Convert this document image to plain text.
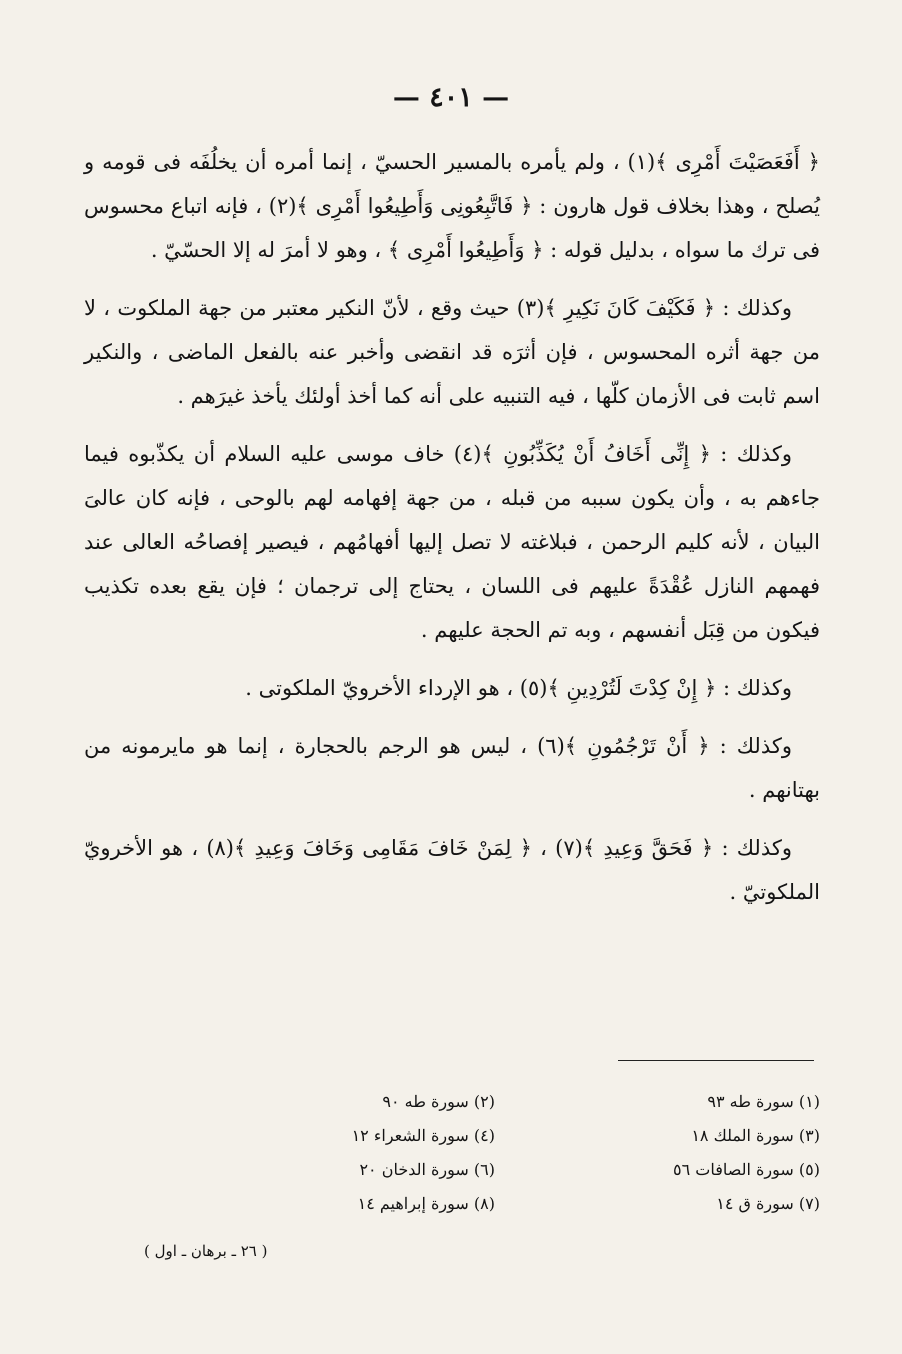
— ٤٠١ —

﴿ أَفَعَصَيْتَ أَمْرِى ﴾(١) ، ولم يأمره بالمسير الحسيّ ، إنما أمره أن يخلُفَه فى قومه و يُصلح ، وهذا بخلاف قول هارون : ﴿ فَاتَّبِعُونِى وَأَطِيعُوا أَمْرِى ﴾(٢) ، فإنه اتباع محسوس فى ترك ما سواه ، بدليل قوله : ﴿ وَأَطِيعُوا أَمْرِى ﴾ ، وهو لا أمرَ له إلا الحسّيّ .

وكذلك : ﴿ فَكَيْفَ كَانَ نَكِيرِ ﴾(٣) حيث وقع ، لأنّ النكير معتبر من جهة الملكوت ، لا من جهة أثره المحسوس ، فإن أثرَه قد انقضى وأخبر عنه بالفعل الماضى ، والنكير اسم ثابت فى الأزمان كلّها ، فيه التنبيه على أنه كما أخذ أولئك يأخذ غيرَهم .

وكذلك : ﴿ إِنِّى أَخَافُ أَنْ يُكَذِّبُونِ ﴾(٤) خاف موسى عليه السلام أن يكذّبوه فيما جاءهم به ، وأن يكون سببه من قبله ، من جهة إفهامه لهم بالوحى ، فإنه كان عالىَ البيان ، لأنه كليم الرحمن ، فبلاغته لا تصل إليها أفهامُهم ، فيصير إفصاحُه العالى عند فهمهم النازل عُقْدَةً عليهم فى اللسان ، يحتاج إلى ترجمان ؛ فإن يقع بعده تكذيب فيكون من قِبَل أنفسهم ، وبه تم الحجة عليهم .

وكذلك : ﴿ إِنْ كِدْتَ لَتُرْدِينِ ﴾(٥) ، هو الإرداء الأخرويّ الملكوتى .

وكذلك : ﴿ أَنْ تَرْجُمُونِ ﴾(٦) ، ليس هو الرجم بالحجارة ، إنما هو مايرمونه من بهتانهم .

وكذلك : ﴿ فَحَقَّ وَعِيدِ ﴾(٧) ، ﴿ لِمَنْ خَافَ مَقَامِى وَخَافَ وَعِيدِ ﴾(٨) ، هو الأخرويّ الملكوتيّ .

(١) سورة طه ٩٣
(٢) سورة طه ٩٠
(٣) سورة الملك ١٨
(٤) سورة الشعراء ١٢
(٥) سورة الصافات ٥٦
(٦) سورة الدخان ٢٠
(٧) سورة ق ١٤
(٨) سورة إبراهيم ١٤
( ٢٦ ـ برهان ـ اول )
